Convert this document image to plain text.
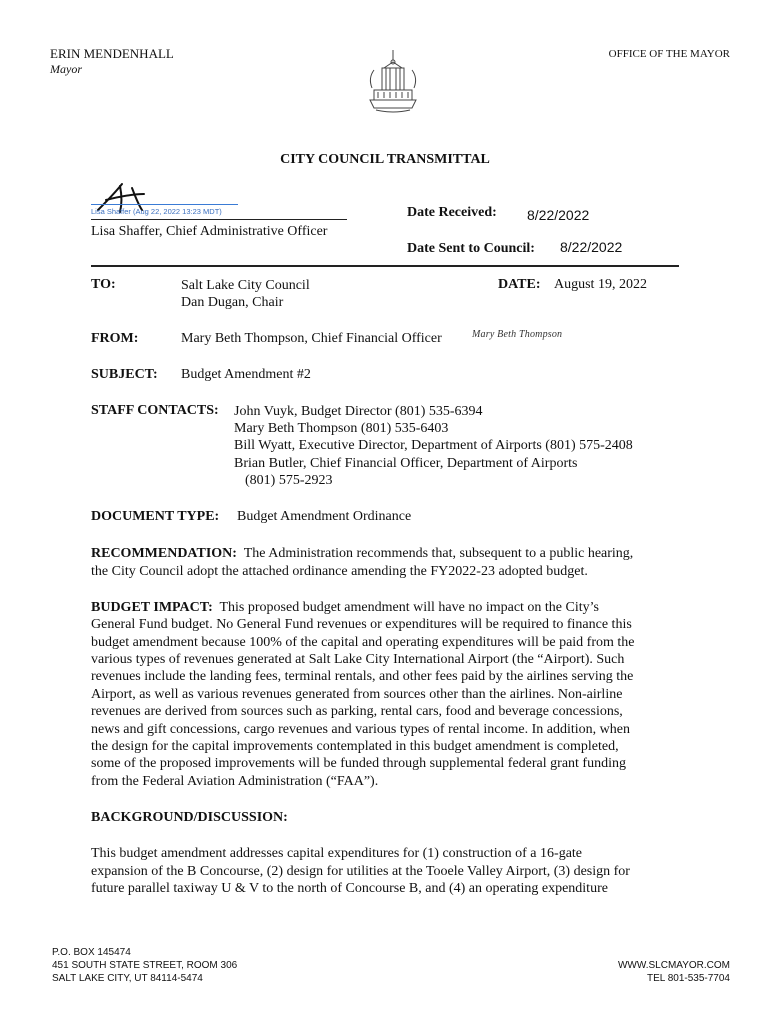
ERIN MENDENHALL
Mayor
OFFICE OF THE MAYOR
CITY COUNCIL TRANSMITTAL
Lisa Shaffer (Aug 22, 2022 13:23 MDT)
Lisa Shaffer, Chief Administrative Officer
Date Received: 8/22/2022
Date Sent to Council: 8/22/2022
TO:	Salt Lake City Council
Dan Dugan, Chair
DATE: August 19, 2022
FROM:	Mary Beth Thompson, Chief Financial Officer	Mary Beth Thompson
SUBJECT: Budget Amendment #2
STAFF CONTACTS: John Vuyk, Budget Director (801) 535-6394
Mary Beth Thompson (801) 535-6403
Bill Wyatt, Executive Director, Department of Airports (801) 575-2408
Brian Butler, Chief Financial Officer, Department of Airports
(801) 575-2923
DOCUMENT TYPE: Budget Amendment Ordinance
RECOMMENDATION: The Administration recommends that, subsequent to a public hearing,
the City Council adopt the attached ordinance amending the FY2022-23 adopted budget.
BUDGET IMPACT: This proposed budget amendment will have no impact on the City’s
General Fund budget. No General Fund revenues or expenditures will be required to finance this
budget amendment because 100% of the capital and operating expenditures will be paid from the
various types of revenues generated at Salt Lake City International Airport (the “Airport). Such
revenues include the landing fees, terminal rentals, and other fees paid by the airlines serving the
Airport, as well as various revenues generated from sources other than the airlines. Non-airline
revenues are derived from sources such as parking, rental cars, food and beverage concessions,
news and gift concessions, cargo revenues and various types of rental income. In addition, when
the design for the capital improvements contemplated in this budget amendment is completed,
some of the proposed improvements will be funded through supplemental federal grant funding
from the Federal Aviation Administration (“FAA”).
BACKGROUND/DISCUSSION:
This budget amendment addresses capital expenditures for (1) construction of a 16-gate
expansion of the B Concourse, (2) design for utilities at the Tooele Valley Airport, (3) design for
future parallel taxiway U & V to the north of Concourse B, and (4) an operating expenditure
P.O. BOX 145474
451 SOUTH STATE STREET, ROOM 306
SALT LAKE CITY, UT 84114-5474
WWW.SLCMAYOR.COM
TEL 801-535-7704
